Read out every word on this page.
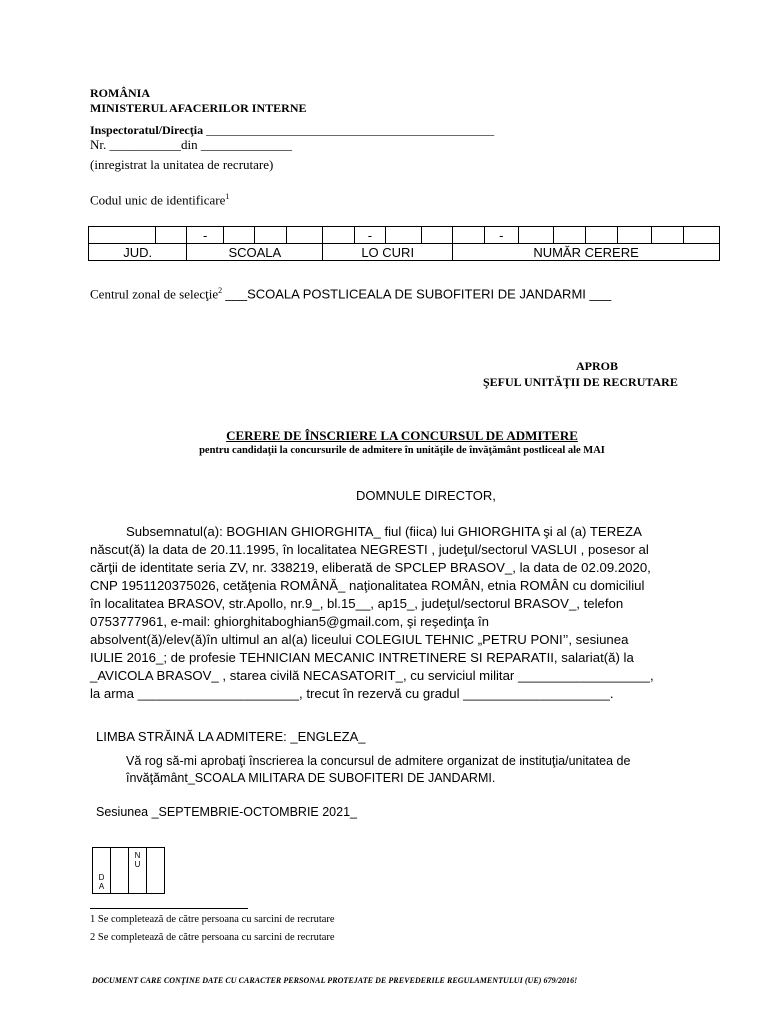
ROMÂNIA
MINISTERUL AFACERILOR INTERNE
Inspectoratul/Direcţia ________________________________________________
Nr. ___________din ______________
(inregistrat la unitatea de recrutare)
Codul unic de identificare$^1$
		-					-				-						
JUD.		SCOALA				LO CURI				NUMĂR CERERE							
Centrul zonal de selecţie$^2$ ___SCOALA POSTLICEALA DE SUBOFITERI DE JANDARMI ___
APROB
ŞEFUL UNITĂŢII DE RECRUTARE
CERERE DE ÎNSCRIERE LA CONCURSUL DE ADMITERE
pentru candidaţii la concursurile de admitere în unităţile de învăţământ postliceal ale MAI
DOMNULE DIRECTOR,
Subsemnatul(a): BOGHIAN GHIORGHITA_ fiul (fiica) lui GHIORGHITA şi al (a) TEREZA
născut(ă) la data de 20.11.1995, în localitatea NEGRESTI , judeţul/sectorul VASLUI , posesor al
cărţii de identitate seria ZV, nr. 338219, eliberată de SPCLEP BRASOV_, la data de 02.09.2020,
CNP 1951120375026, cetăţenia ROMÂNĂ_ naţionalitatea ROMÂN, etnia ROMÂN cu domiciliul
în localitatea BRASOV, str.Apollo, nr.9_, bl.15__, ap15_, judeţul/sectorul BRASOV_, telefon
0753777961, e-mail: ghiorghitaboghian5@gmail.com, şi reşedinţa în
absolvent(ă)/elev(ă)în ultimul an al(a) liceului COLEGIUL TEHNIC „PETRU PONI’’, sesiunea
IULIE 2016_; de profesie TEHNICIAN MECANIC INTRETINERE SI REPARATII, salariat(ă) la
_AVICOLA BRASOV_ , starea civilă NECASATORIT_, cu serviciul militar __________________,
la arma ______________________, trecut în rezervă cu gradul ____________________.
LIMBA STRĂINĂ LA ADMITERE: _ENGLEZA_
Vă rog să-mi aprobaţi înscrierea la concursul de admitere organizat de instituţia/unitatea de
învăţământ_SCOALA MILITARA DE SUBOFITERI DE JANDARMI.
Sesiunea _SEPTEMBRIE-OCTOMBRIE 2021_
D
A

N
U

1 Se completează de către persoana cu sarcini de recrutare
2 Se completează de către persoana cu sarcini de recrutare
DOCUMENT CARE CONŢINE DATE CU CARACTER PERSONAL PROTEJATE DE PREVEDERILE REGULAMENTULUI (UE) 679/2016!
